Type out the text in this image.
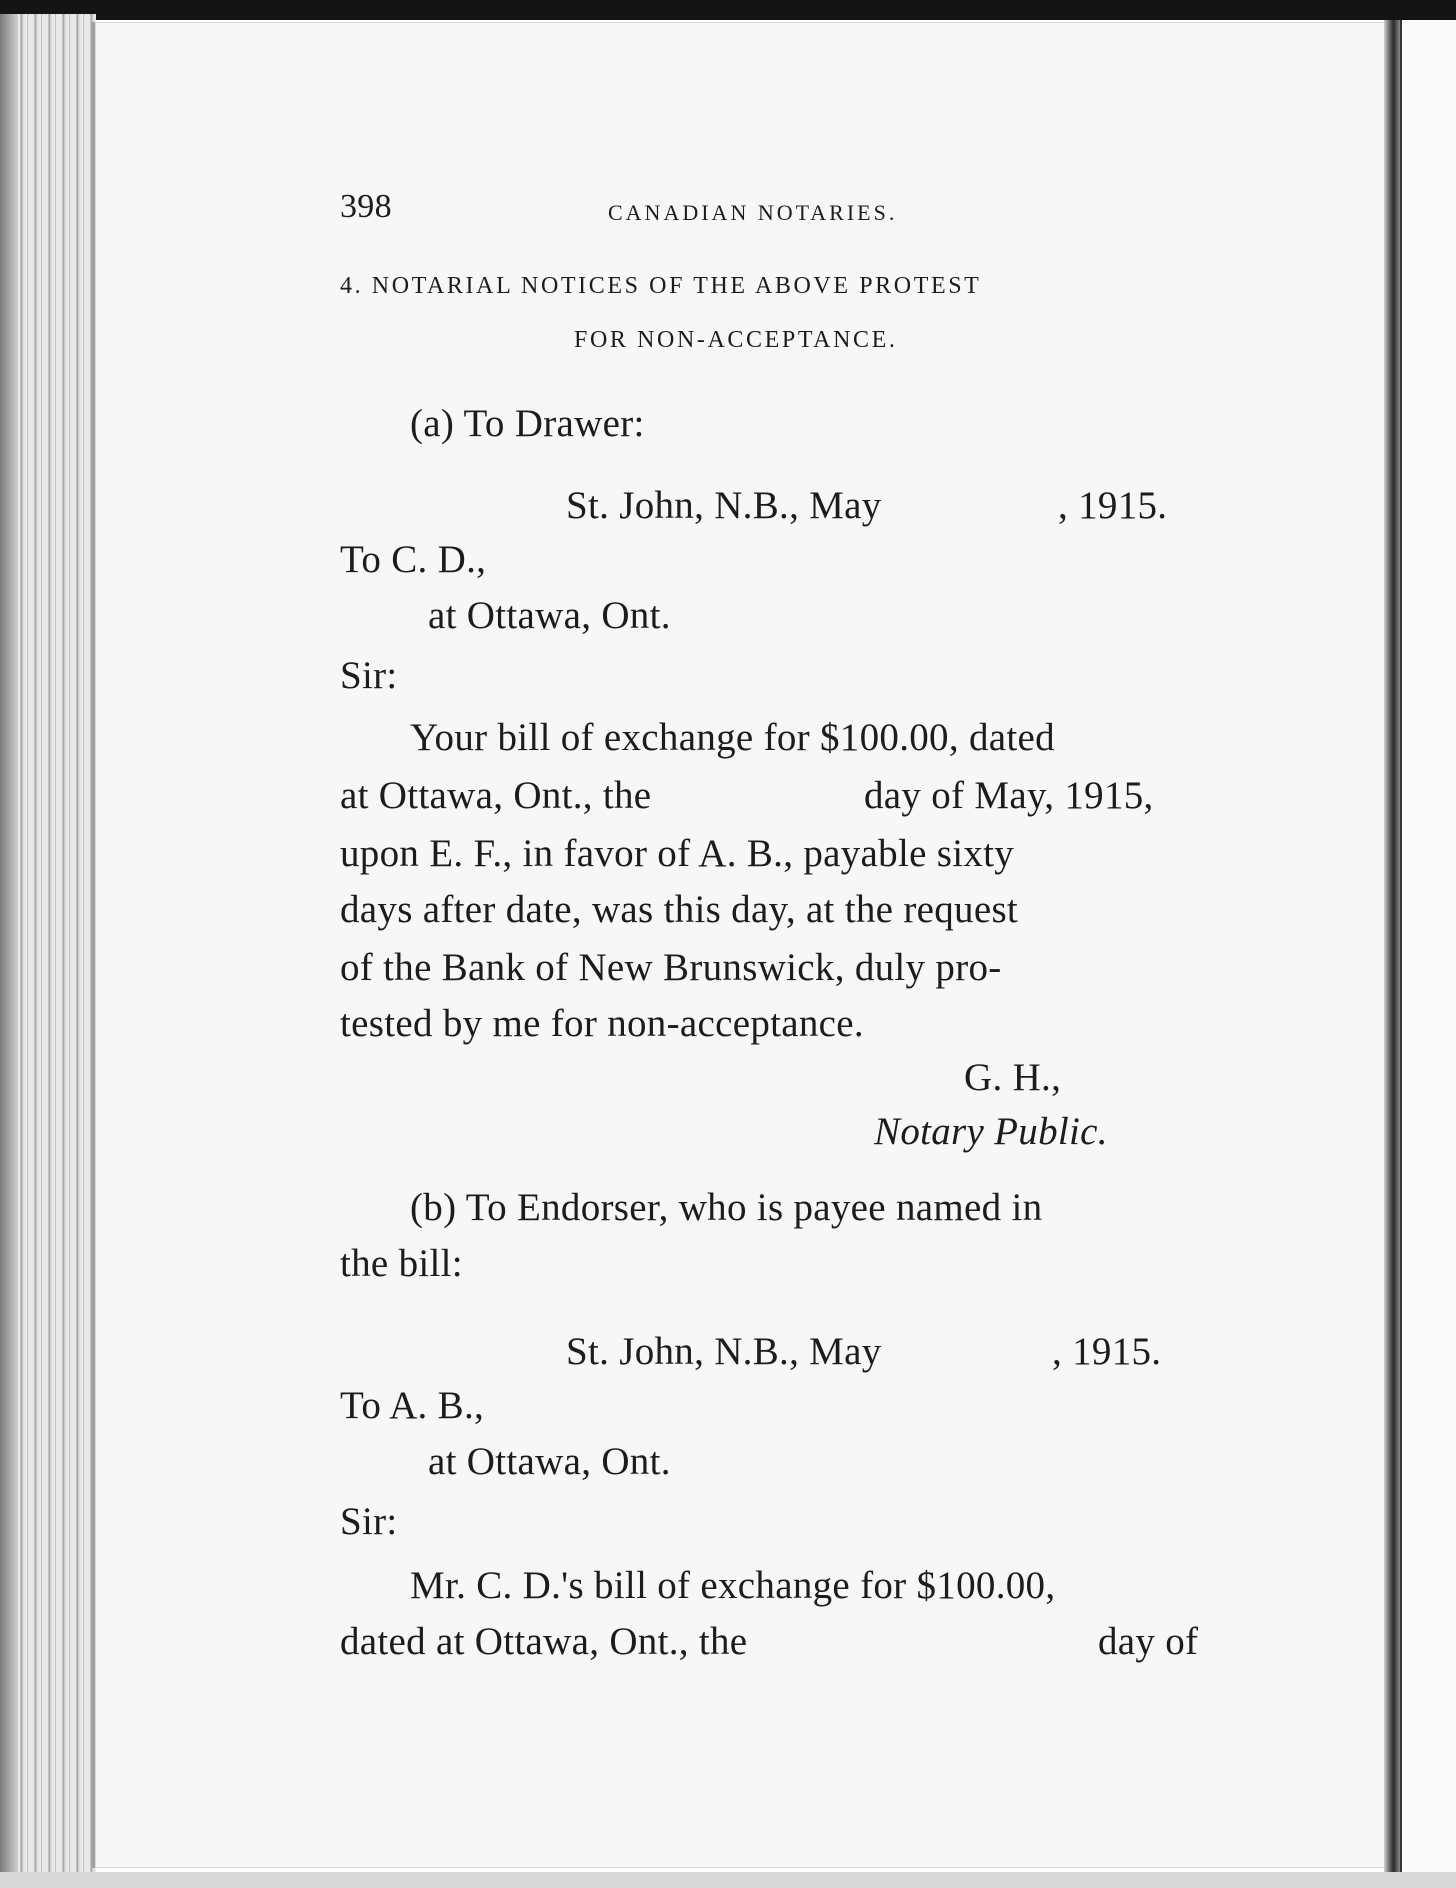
398	CANADIAN NOTARIES.
4. NOTARIAL NOTICES OF THE ABOVE PROTEST
FOR NON-ACCEPTANCE.
(a) To Drawer:
St. John, N.B., May	, 1915.
To C. D.,
at Ottawa, Ont.
Sir:
Your bill of exchange for $100.00, dated
at Ottawa, Ont., the	day of May, 1915,
upon E. F., in favor of A. B., payable sixty
days after date, was this day, at the request
of the Bank of New Brunswick, duly pro-
tested by me for non-acceptance.
G. H.,
Notary Public.
(b) To Endorser, who is payee named in
the bill:
St. John, N.B., May	, 1915.
To A. B.,
at Ottawa, Ont.
Sir:
Mr. C. D.'s bill of exchange for $100.00,
dated at Ottawa, Ont., the	day of
